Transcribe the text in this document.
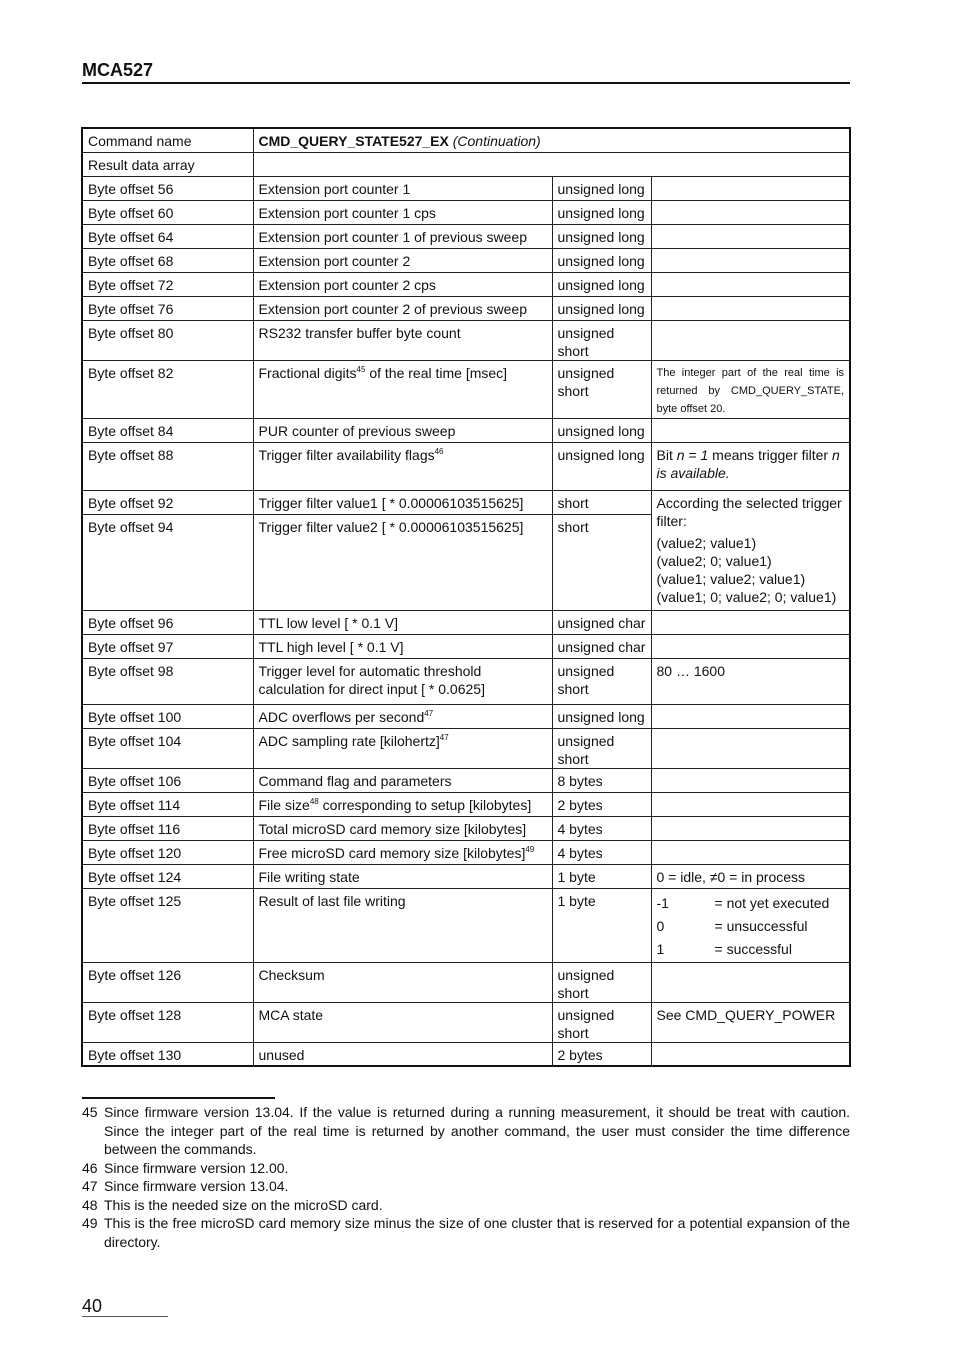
MCA527
Command name	CMD_QUERY_STATE527_EX (Continuation)		
Result data array			
Byte offset 56	Extension port counter 1	unsigned long	
Byte offset 60	Extension port counter 1 cps	unsigned long	
Byte offset 64	Extension port counter 1 of previous sweep	unsigned long	
Byte offset 68	Extension port counter 2	unsigned long	
Byte offset 72	Extension port counter 2 cps	unsigned long	
Byte offset 76	Extension port counter 2 of previous sweep	unsigned long	
Byte offset 80	RS232 transfer buffer byte count	unsigned short	
Byte offset 82	Fractional digits$^{45}$ of the real time [msec]	unsigned short	The integer part of the real time is returned by CMD_QUERY_STATE, byte offset 20.
Byte offset 84	PUR counter of previous sweep	unsigned long	
Byte offset 88	Trigger filter availability flags$^{46}$	unsigned long	Bit n = 1 means trigger filter n is available.
Byte offset 92	Trigger filter value1 [ * 0.00006103515625]	short	According the selected trigger filter:
(value2; value1)
(value2; 0; value1)
(value1; value2; value1)
(value1; 0; value2; 0; value1)

Byte offset 94	Trigger filter value2 [ * 0.00006103515625]	short	
Byte offset 96	TTL low level [ * 0.1 V]	unsigned char	
Byte offset 97	TTL high level [ * 0.1 V]	unsigned char	
Byte offset 98	Trigger level for automatic threshold calculation for direct input [ * 0.0625]	unsigned short	80 … 1600
Byte offset 100	ADC overflows per second$^{47}$	unsigned long	
Byte offset 104	ADC sampling rate [kilohertz]$^{47}$	unsigned short	
Byte offset 106	Command flag and parameters	8 bytes	
Byte offset 114	File size$^{48}$ corresponding to setup [kilobytes]	2 bytes	
Byte offset 116	Total microSD card memory size [kilobytes]	4 bytes	
Byte offset 120	Free microSD card memory size [kilobytes]$^{49}$	4 bytes	
Byte offset 124	File writing state	1 byte	0 = idle, ≠0 = in process
Byte offset 125	Result of last file writing	1 byte	-1 = not yet executed
0 = unsuccessful
1 = successful

Byte offset 126	Checksum	unsigned short	
Byte offset 128	MCA state	unsigned short	See CMD_QUERY_POWER
Byte offset 130	unused	2 bytes	
45 Since firmware version 13.04. If the value is returned during a running measurement, it should be treat with caution. Since the integer part of the real time is returned by another command, the user must consider the time difference between the commands.
46 Since firmware version 12.00.
47 Since firmware version 13.04.
48 This is the needed size on the microSD card.
49 This is the free microSD card memory size minus the size of one cluster that is reserved for a potential expansion of the directory.
40
